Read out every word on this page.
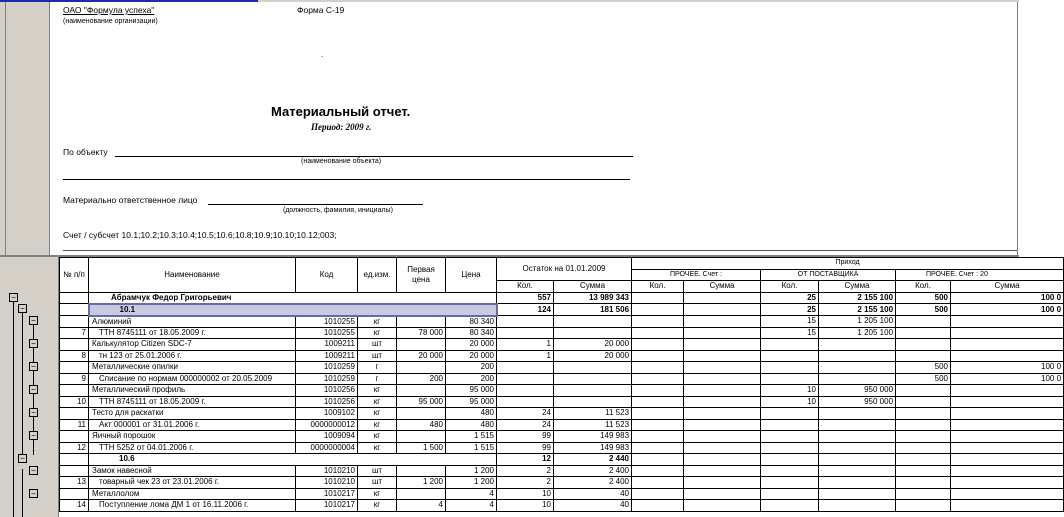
ОАО "Формула успеха"
(наименование организации)
Форма С-19
.
Материальный отчет.
Период: 2009 г.
По объекту
(наименование объекта)
Материально ответственное лицо
(должность, фамилия, инициалы)
Счет / субсчет 10.1;10.2;10.3;10.4;10.5;10.6;10.8;10.9;10.10;10.12;003;
−
−
−
−
−
−
−
−
−
−
−
№ п/п	Наименование	Код	ед.изм.	Первая цена	Цена	Остаток на 01.01.2009		Приход					
								ПРОЧЕЕ. Счет :		ОТ ПОСТАВЩИКА		ПРОЧЕЕ. Счет : 20	
						Кол.	Сумма	Кол.	Сумма	Кол.	Сумма	Кол.	Сумма
	Абрамчук Федор Григорьевич					557	13 989 343			25	2 155 100	500	100 0
	10.1					124	181 506			25	2 155 100	500	100 0
	Алюминий	1010255	кг		80 340					15	1 205 100		
7	ТТН 8745111 от 18.05.2009 г.	1010255	кг	78 000	80 340					15	1 205 100		
	Калькулятор Citizen SDC-7	1009211	шт		20 000	1	20 000						
8	тн 123 от 25.01.2006 г.	1009211	шт	20 000	20 000	1	20 000						
	Металлические опилки	1010259	г		200							500	100 0
9	Списание по нормам 000000002 от 20.05.2009	1010259	г	200	200							500	100 0
	Металлический профиль	1010256	кг		95 000					10	950 000		
10	ТТН 8745111 от 18.05.2009 г.	1010256	кг	95 000	95 000					10	950 000		
	Тесто для раскатки	1009102	кг		480	24	11 523						
11	Акт 000001 от 31.01.2006 г.	0000000012	кг	480	480	24	11 523						
	Яичный порошок	1009094	кг		1 515	99	149 983						
12	ТТН 5252 от 04.01.2006 г.	0000000004	кг	1 500	1 515	99	149 983						
	10.6					12	2 440						
	Замок навесной	1010210	шт		1 200	2	2 400						
13	товарный чек 23 от 23.01.2006 г.	1010210	шт	1 200	1 200	2	2 400						
	Металлолом	1010217	кг		4	10	40						
14	Поступление лома ДМ 1 от 16.11.2006 г.	1010217	кг	4	4	10	40						
